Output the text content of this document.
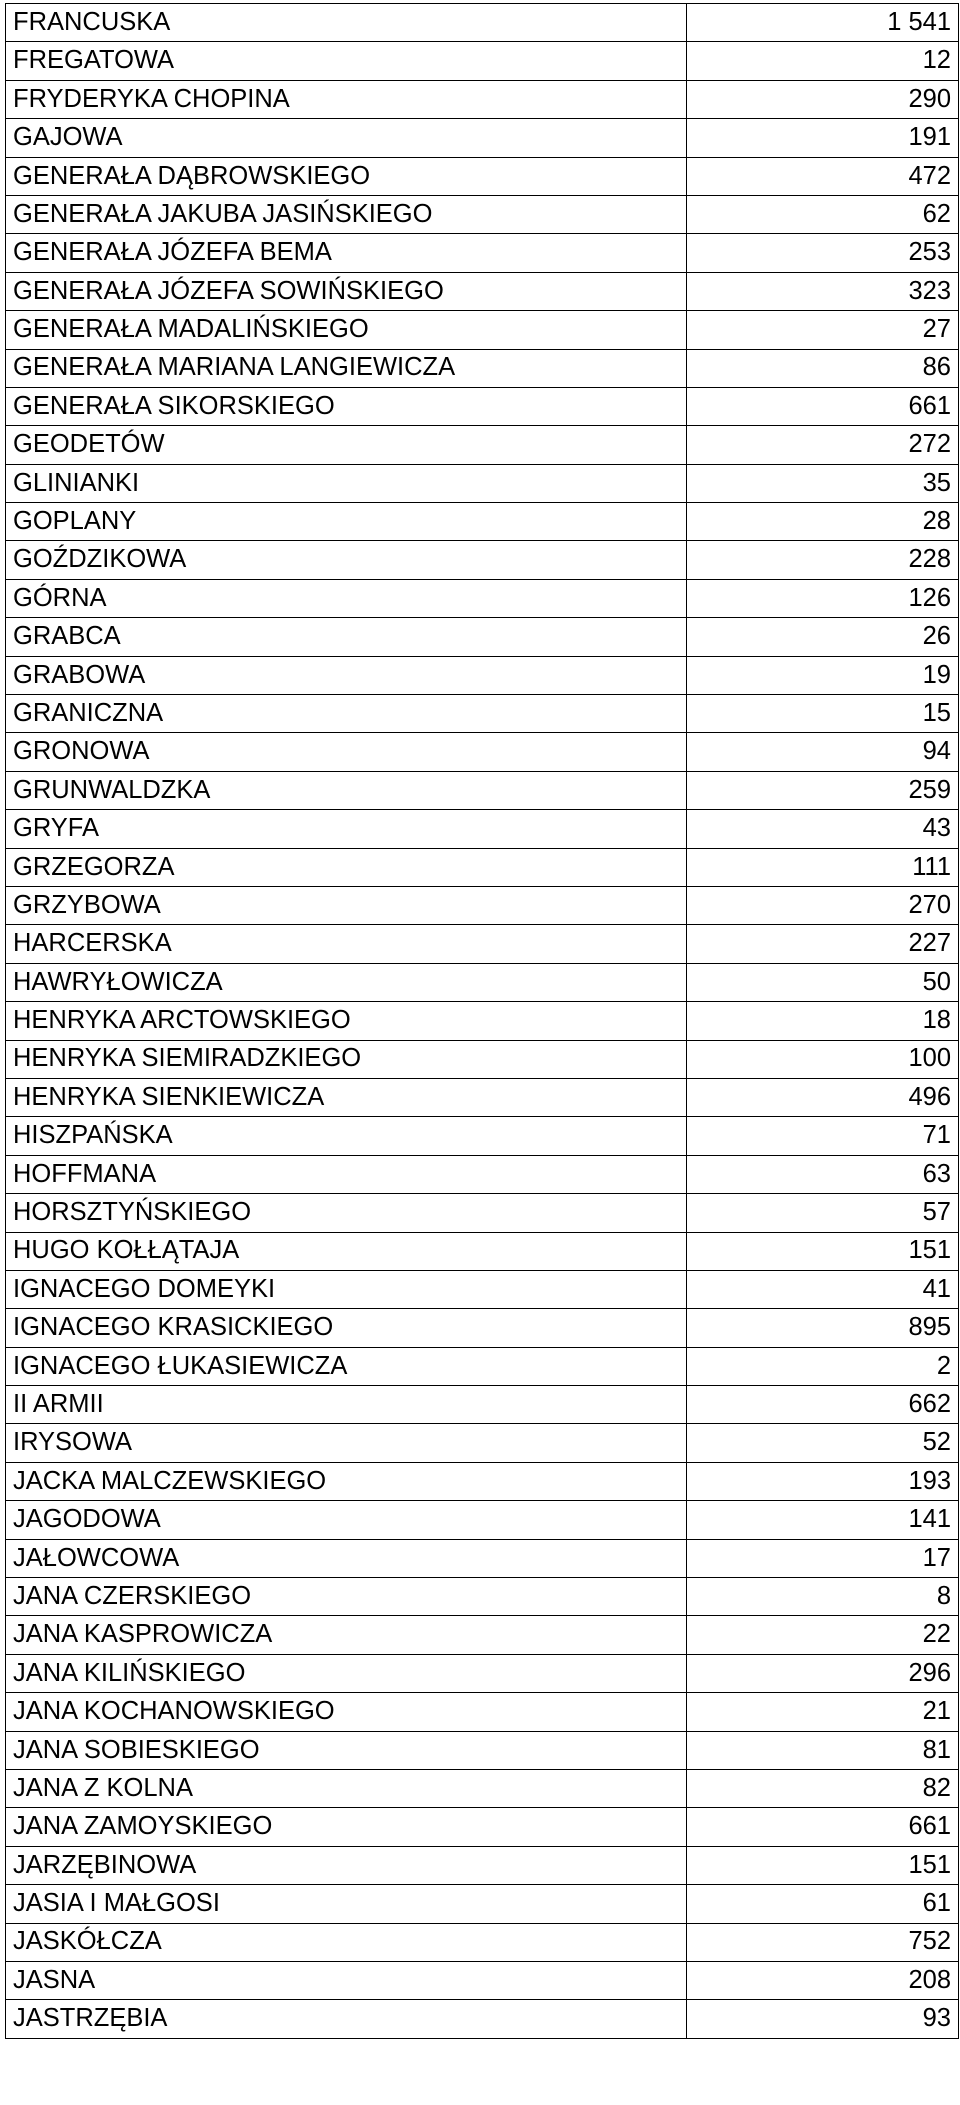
FRANCUSKA	1 541
FREGATOWA	12
FRYDERYKA CHOPINA	290
GAJOWA	191
GENERAŁA DĄBROWSKIEGO	472
GENERAŁA JAKUBA JASIŃSKIEGO	62
GENERAŁA JÓZEFA BEMA	253
GENERAŁA JÓZEFA SOWIŃSKIEGO	323
GENERAŁA MADALIŃSKIEGO	27
GENERAŁA MARIANA LANGIEWICZA	86
GENERAŁA SIKORSKIEGO	661
GEODETÓW	272
GLINIANKI	35
GOPLANY	28
GOŹDZIKOWA	228
GÓRNA	126
GRABCA	26
GRABOWA	19
GRANICZNA	15
GRONOWA	94
GRUNWALDZKA	259
GRYFA	43
GRZEGORZA	111
GRZYBOWA	270
HARCERSKA	227
HAWRYŁOWICZA	50
HENRYKA ARCTOWSKIEGO	18
HENRYKA SIEMIRADZKIEGO	100
HENRYKA SIENKIEWICZA	496
HISZPAŃSKA	71
HOFFMANA	63
HORSZTYŃSKIEGO	57
HUGO KOŁŁĄTAJA	151
IGNACEGO DOMEYKI	41
IGNACEGO KRASICKIEGO	895
IGNACEGO ŁUKASIEWICZA	2
II ARMII	662
IRYSOWA	52
JACKA MALCZEWSKIEGO	193
JAGODOWA	141
JAŁOWCOWA	17
JANA CZERSKIEGO	8
JANA KASPROWICZA	22
JANA KILIŃSKIEGO	296
JANA KOCHANOWSKIEGO	21
JANA SOBIESKIEGO	81
JANA Z KOLNA	82
JANA ZAMOYSKIEGO	661
JARZĘBINOWA	151
JASIA I MAŁGOSI	61
JASKÓŁCZA	752
JASNA	208
JASTRZĘBIA	93
